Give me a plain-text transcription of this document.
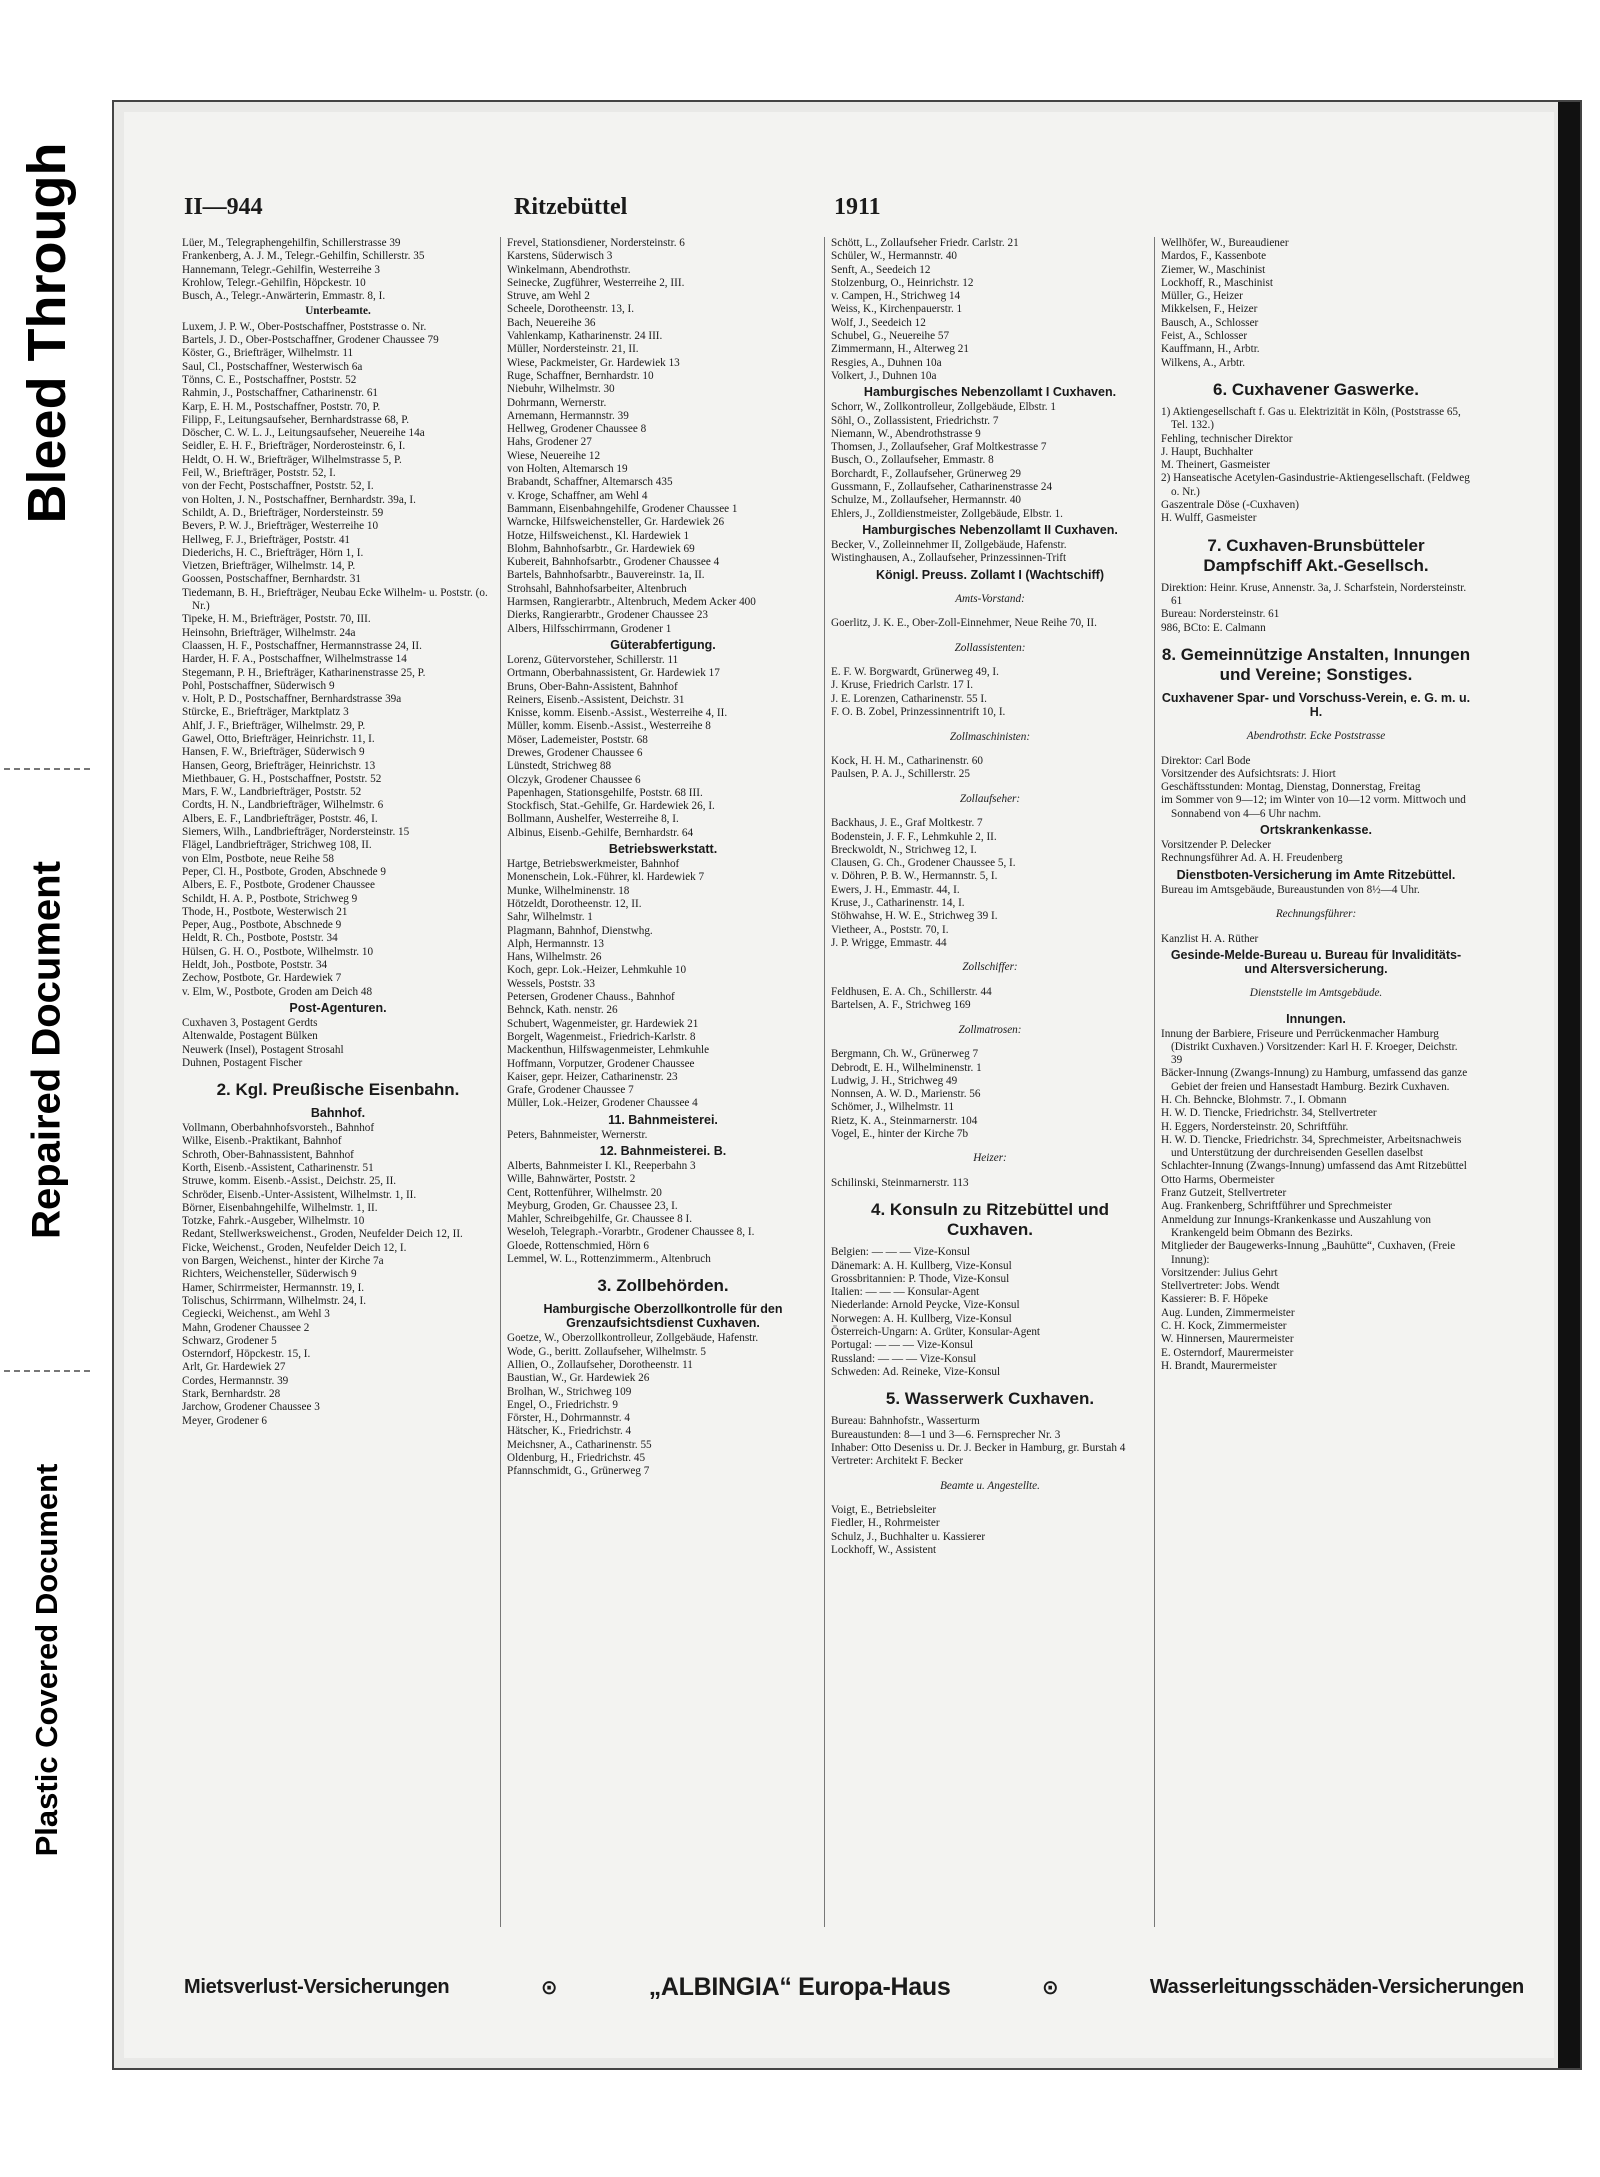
Bleed Through
Repaired Document
Plastic Covered Document
II—944	Ritzebüttel	1911

Lüer, M., Telegraphengehilfin, Schillerstrasse 39

Frankenberg, A. J. M., Telegr.-Gehilfin, Schillerstr. 35

Hannemann, Telegr.-Gehilfin, Westerreihe 3

Krohlow, Telegr.-Gehilfin, Höpckestr. 10

Busch, A., Telegr.-Anwärterin, Emmastr. 8, I.

Unterbeamte.

Luxem, J. P. W., Ober-Postschaffner, Poststrasse o. Nr.

Bartels, J. D., Ober-Postschaffner, Grodener Chaussee 79

Köster, G., Briefträger, Wilhelmstr. 11

Saul, Cl., Postschaffner, Westerwisch 6a

Tönns, C. E., Postschaffner, Poststr. 52

Rahmin, J., Postschaffner, Catharinenstr. 61

Karp, E. H. M., Postschaffner, Poststr. 70, P.

Filipp, F., Leitungsaufseher, Bernhardstrasse 68, P.

Döscher, C. W. L. J., Leitungsaufseher, Neuereihe 14a

Seidler, E. H. F., Briefträger, Norderosteinstr. 6, I.

Heldt, O. H. W., Briefträger, Wilhelmstrasse 5, P.

Feil, W., Briefträger, Poststr. 52, I.

von der Fecht, Postschaffner, Poststr. 52, I.

von Holten, J. N., Postschaffner, Bernhardstr. 39a, I.

Schildt, A. D., Briefträger, Nordersteinstr. 59

Bevers, P. W. J., Briefträger, Westerreihe 10

Hellweg, F. J., Briefträger, Poststr. 41

Diederichs, H. C., Briefträger, Hörn 1, I.

Vietzen, Briefträger, Wilhelmstr. 14, P.

Goossen, Postschaffner, Bernhardstr. 31

Tiedemann, B. H., Briefträger, Neubau Ecke Wilhelm- u. Poststr. (o. Nr.)

Tipeke, H. M., Briefträger, Poststr. 70, III.

Heinsohn, Briefträger, Wilhelmstr. 24a

Claassen, H. F., Postschaffner, Hermannstrasse 24, II.

Harder, H. F. A., Postschaffner, Wilhelmstrasse 14

Stegemann, P. H., Briefträger, Katharinenstrasse 25, P.

Pohl, Postschaffner, Süderwisch 9

v. Holt, P. D., Postschaffner, Bernhardstrasse 39a

Stürcke, E., Briefträger, Marktplatz 3

Ahlf, J. F., Briefträger, Wilhelmstr. 29, P.

Gawel, Otto, Briefträger, Heinrichstr. 11, I.

Hansen, F. W., Briefträger, Süderwisch 9

Hansen, Georg, Briefträger, Heinrichstr. 13

Miethbauer, G. H., Postschaffner, Poststr. 52

Mars, F. W., Landbriefträger, Poststr. 52

Cordts, H. N., Landbriefträger, Wilhelmstr. 6

Albers, E. F., Landbriefträger, Poststr. 46, I.

Siemers, Wilh., Landbriefträger, Nordersteinstr. 15

Flägel, Landbriefträger, Strichweg 108, II.

von Elm, Postbote, neue Reihe 58

Peper, Cl. H., Postbote, Groden, Abschnede 9

Albers, E. F., Postbote, Grodener Chaussee

Schildt, H. A. P., Postbote, Strichweg 9

Thode, H., Postbote, Westerwisch 21

Peper, Aug., Postbote, Abschnede 9

Heldt, R. Ch., Postbote, Poststr. 34

Hülsen, G. H. O., Postbote, Wilhelmstr. 10

Heldt, Joh., Postbote, Poststr. 34

Zechow, Postbote, Gr. Hardewiek 7

v. Elm, W., Postbote, Groden am Deich 48

Post-Agenturen.

Cuxhaven 3, Postagent Gerdts

Altenwalde, Postagent Bülken

Neuwerk (Insel), Postagent Strosahl

Duhnen, Postagent Fischer

2. Kgl. Preußische Eisenbahn.

Bahnhof.

Vollmann, Oberbahnhofsvorsteh., Bahnhof

Wilke, Eisenb.-Praktikant, Bahnhof

Schroth, Ober-Bahnassistent, Bahnhof

Korth, Eisenb.-Assistent, Catharinenstr. 51

Struwe, komm. Eisenb.-Assist., Deichstr. 25, II.

Schröder, Eisenb.-Unter-Assistent, Wilhelmstr. 1, II.

Börner, Eisenbahngehilfe, Wilhelmstr. 1, II.

Totzke, Fahrk.-Ausgeber, Wilhelmstr. 10

Redant, Stellwerksweichenst., Groden, Neufelder Deich 12, II.

Ficke, Weichenst., Groden, Neufelder Deich 12, I.

von Bargen, Weichenst., hinter der Kirche 7a

Richters, Weichensteller, Süderwisch 9

Hamer, Schirrmeister, Hermannstr. 19, I.

Tolischus, Schirrmann, Wilhelmstr. 24, I.

Cegiecki, Weichenst., am Wehl 3

Mahn, Grodener Chaussee 2

Schwarz, Grodener 5

Osterndorf, Höpckestr. 15, I.

Arlt, Gr. Hardewiek 27

Cordes, Hermannstr. 39

Stark, Bernhardstr. 28

Jarchow, Grodener Chaussee 3

Meyer, Grodener 6

Frevel, Stationsdiener, Nordersteinstr. 6

Karstens, Süderwisch 3

Winkelmann, Abendrothstr.

Seinecke, Zugführer, Westerreihe 2, III.

Struve, am Wehl 2

Scheele, Dorotheenstr. 13, I.

Bach, Neuereihe 36

Vahlenkamp, Katharinenstr. 24 III.

Müller, Nordersteinstr. 21, II.

Wiese, Packmeister, Gr. Hardewiek 13

Ruge, Schaffner, Bernhardstr. 10

Niebuhr, Wilhelmstr. 30

Dohrmann, Wernerstr.

Arnemann, Hermannstr. 39

Hellweg, Grodener Chaussee 8

Hahs, Grodener 27

Wiese, Neuereihe 12

von Holten, Altemarsch 19

Brabandt, Schaffner, Altemarsch 435

v. Kroge, Schaffner, am Wehl 4

Bammann, Eisenbahngehilfe, Grodener Chaussee 1

Warncke, Hilfsweichensteller, Gr. Hardewiek 26

Hotze, Hilfsweichenst., Kl. Hardewiek 1

Blohm, Bahnhofsarbtr., Gr. Hardewiek 69

Kubereit, Bahnhofsarbtr., Grodener Chaussee 4

Bartels, Bahnhofsarbtr., Bauvereinstr. 1a, II.

Strohsahl, Bahnhofsarbeiter, Altenbruch

Harmsen, Rangierarbtr., Altenbruch, Medem Acker 400

Dierks, Rangierarbtr., Grodener Chaussee 23

Albers, Hilfsschirrmann, Grodener 1

Güterabfertigung.

Lorenz, Gütervorsteher, Schillerstr. 11

Ortmann, Oberbahnassistent, Gr. Hardewiek 17

Bruns, Ober-Bahn-Assistent, Bahnhof

Reiners, Eisenb.-Assistent, Deichstr. 31

Knisse, komm. Eisenb.-Assist., Westerreihe 4, II.

Müller, komm. Eisenb.-Assist., Westerreihe 8

Möser, Lademeister, Poststr. 68

Drewes, Grodener Chaussee 6

Lünstedt, Strichweg 88

Olczyk, Grodener Chaussee 6

Papenhagen, Stationsgehilfe, Poststr. 68 III.

Stockfisch, Stat.-Gehilfe, Gr. Hardewiek 26, I.

Bollmann, Aushelfer, Westerreihe 8, I.

Albinus, Eisenb.-Gehilfe, Bernhardstr. 64

Betriebswerkstatt.

Hartge, Betriebswerkmeister, Bahnhof

Monenschein, Lok.-Führer, kl. Hardewiek 7

Munke, Wilhelminenstr. 18

Hötzeldt, Dorotheenstr. 12, II.

Sahr, Wilhelmstr. 1

Plagmann, Bahnhof, Dienstwhg.

Alph, Hermannstr. 13

Hans, Wilhelmstr. 26

Koch, gepr. Lok.-Heizer, Lehmkuhle 10

Wessels, Poststr. 33

Petersen, Grodener Chauss., Bahnhof

Behnck, Kath. nenstr. 26

Schubert, Wagenmeister, gr. Hardewiek 21

Borgelt, Wagenmeist., Friedrich-Karlstr. 8

Mackenthun, Hilfswagenmeister, Lehmkuhle

Hoffmann, Vorputzer, Grodener Chaussee

Kaiser, gepr. Heizer, Catharinenstr. 23

Grafe, Grodener Chaussee 7

Müller, Lok.-Heizer, Grodener Chaussee 4

11. Bahnmeisterei.

Peters, Bahnmeister, Wernerstr.

12. Bahnmeisterei. B.

Alberts, Bahnmeister I. Kl., Reeperbahn 3

Wille, Bahnwärter, Poststr. 2

Cent, Rottenführer, Wilhelmstr. 20

Meyburg, Groden, Gr. Chaussee 23, I.

Mahler, Schreibgehilfe, Gr. Chaussee 8 I.

Weseloh, Telegraph.-Vorarbtr., Grodener Chaussee 8, I.

Gloede, Rottenschmied, Hörn 6

Lemmel, W. L., Rottenzimmerm., Altenbruch

3. Zollbehörden.

Hamburgische Oberzollkontrolle für den Grenzaufsichtsdienst Cuxhaven.

Goetze, W., Oberzollkontrolleur, Zollgebäude, Hafenstr.

Wode, G., beritt. Zollaufseher, Wilhelmstr. 5

Allien, O., Zollaufseher, Dorotheenstr. 11

Baustian, W., Gr. Hardewiek 26

Brolhan, W., Strichweg 109

Engel, O., Friedrichstr. 9

Förster, H., Dohrmannstr. 4

Hätscher, K., Friedrichstr. 4

Meichsner, A., Catharinenstr. 55

Oldenburg, H., Friedrichstr. 45

Pfannschmidt, G., Grünerweg 7

Schött, L., Zollaufseher Friedr. Carlstr. 21

Schüler, W., Hermannstr. 40

Senft, A., Seedeich 12

Stolzenburg, O., Heinrichstr. 12

v. Campen, H., Strichweg 14

Weiss, K., Kirchenpauerstr. 1

Wolf, J., Seedeich 12

Schubel, G., Neuereihe 57

Zimmermann, H., Alterweg 21

Resgies, A., Duhnen 10a

Volkert, J., Duhnen 10a

Hamburgisches Nebenzollamt I Cuxhaven.

Schorr, W., Zollkontrolleur, Zollgebäude, Elbstr. 1

Söhl, O., Zollassistent, Friedrichstr. 7

Niemann, W., Abendrothstrasse 9

Thomsen, J., Zollaufseher, Graf Moltkestrasse 7

Busch, O., Zollaufseher, Emmastr. 8

Borchardt, F., Zollaufseher, Grünerweg 29

Gussmann, F., Zollaufseher, Catharinenstrasse 24

Schulze, M., Zollaufseher, Hermannstr. 40

Ehlers, J., Zolldienstmeister, Zollgebäude, Elbstr. 1.

Hamburgisches Nebenzollamt II Cuxhaven.

Becker, V., Zolleinnehmer II, Zollgebäude, Hafenstr.

Wistinghausen, A., Zollaufseher, Prinzessinnen-Trift

Königl. Preuss. Zollamt I (Wachtschiff)

Amts-Vorstand:

Goerlitz, J. K. E., Ober-Zoll-Einnehmer, Neue Reihe 70, II.

Zollassistenten:

E. F. W. Borgwardt, Grünerweg 49, I.

J. Kruse, Friedrich Carlstr. 17 I.

J. E. Lorenzen, Catharinenstr. 55 I.

F. O. B. Zobel, Prinzessinnentrift 10, I.

Zollmaschinisten:

Kock, H. H. M., Catharinenstr. 60

Paulsen, P. A. J., Schillerstr. 25

Zollaufseher:

Backhaus, J. E., Graf Moltkestr. 7

Bodenstein, J. F. F., Lehmkuhle 2, II.

Breckwoldt, N., Strichweg 12, I.

Clausen, G. Ch., Grodener Chaussee 5, I.

v. Döhren, P. B. W., Hermannstr. 5, I.

Ewers, J. H., Emmastr. 44, I.

Kruse, J., Catharinenstr. 14, I.

Stöhwahse, H. W. E., Strichweg 39 I.

Vietheer, A., Poststr. 70, I.

J. P. Wrigge, Emmastr. 44

Zollschiffer:

Feldhusen, E. A. Ch., Schillerstr. 44

Bartelsen, A. F., Strichweg 169

Zollmatrosen:

Bergmann, Ch. W., Grünerweg 7

Debrodt, E. H., Wilhelminenstr. 1

Ludwig, J. H., Strichweg 49

Nonnsen, A. W. D., Marienstr. 56

Schömer, J., Wilhelmstr. 11

Rietz, K. A., Steinmarnerstr. 104

Vogel, E., hinter der Kirche 7b

Heizer:

Schilinski, Steinmarnerstr. 113

4. Konsuln zu Ritzebüttel und Cuxhaven.

Belgien: — — — Vize-Konsul

Dänemark: A. H. Kullberg, Vize-Konsul

Grossbritannien: P. Thode, Vize-Konsul

Italien: — — — Konsular-Agent

Niederlande: Arnold Peycke, Vize-Konsul

Norwegen: A. H. Kullberg, Vize-Konsul

Österreich-Ungarn: A. Grüter, Konsular-Agent

Portugal: — — — Vize-Konsul

Russland: — — — Vize-Konsul

Schweden: Ad. Reineke, Vize-Konsul

5. Wasserwerk Cuxhaven.

Bureau: Bahnhofstr., Wasserturm

Bureaustunden: 8—1 und 3—6. Fernsprecher Nr. 3

Inhaber: Otto Deseniss u. Dr. J. Becker in Hamburg, gr. Burstah 4

Vertreter: Architekt F. Becker

Beamte u. Angestellte.

Voigt, E., Betriebsleiter

Fiedler, H., Rohrmeister

Schulz, J., Buchhalter u. Kassierer

Lockhoff, W., Assistent

Wellhöfer, W., Bureaudiener

Mardos, F., Kassenbote

Ziemer, W., Maschinist

Lockhoff, R., Maschinist

Müller, G., Heizer

Mikkelsen, F., Heizer

Bausch, A., Schlosser

Feist, A., Schlosser

Kauffmann, H., Arbtr.

Wilkens, A., Arbtr.

6. Cuxhavener Gaswerke.

1) Aktiengesellschaft f. Gas u. Elektrizität in Köln, (Poststrasse 65, Tel. 132.)

Fehling, technischer Direktor

J. Haupt, Buchhalter

M. Theinert, Gasmeister

2) Hanseatische Acetylen-Gasindustrie-Aktiengesellschaft. (Feldweg o. Nr.)

Gaszentrale Döse (-Cuxhaven)

H. Wulff, Gasmeister

7. Cuxhaven-Brunsbütteler Dampfschiff Akt.-Gesellsch.

Direktion: Heinr. Kruse, Annenstr. 3a, J. Scharfstein, Nordersteinstr. 61

Bureau: Nordersteinstr. 61

986, BCto: E. Calmann

8. Gemeinnützige Anstalten, Innungen und Vereine; Sonstiges.

Cuxhavener Spar- und Vorschuss-Verein, e. G. m. u. H.

Abendrothstr. Ecke Poststrasse

Direktor: Carl Bode

Vorsitzender des Aufsichtsrats: J. Hiort

Geschäftsstunden: Montag, Dienstag, Donnerstag, Freitag

im Sommer von 9—12; im Winter von 10—12 vorm. Mittwoch und Sonnabend von 4—6 Uhr nachm.

Ortskrankenkasse.

Vorsitzender P. Delecker

Rechnungsführer Ad. A. H. Freudenberg

Dienstboten-Versicherung im Amte Ritzebüttel.

Bureau im Amtsgebäude, Bureaustunden von 8½—4 Uhr.

Rechnungsführer:

Kanzlist H. A. Rüther

Gesinde-Melde-Bureau u. Bureau für Invaliditäts- und Altersversicherung.

Dienststelle im Amtsgebäude.

Innungen.

Innung der Barbiere, Friseure und Perrückenmacher Hamburg (Distrikt Cuxhaven.) Vorsitzender: Karl H. F. Kroeger, Deichstr. 39

Bäcker-Innung (Zwangs-Innung) zu Hamburg, umfassend das ganze Gebiet der freien und Hansestadt Hamburg. Bezirk Cuxhaven.

H. Ch. Behncke, Blohmstr. 7., I. Obmann

H. W. D. Tiencke, Friedrichstr. 34, Stellvertreter

H. Eggers, Nordersteinstr. 20, Schriftführ.

H. W. D. Tiencke, Friedrichstr. 34, Sprechmeister, Arbeitsnachweis und Unterstützung der durchreisenden Gesellen daselbst

Schlachter-Innung (Zwangs-Innung) umfassend das Amt Ritzebüttel

Otto Harms, Obermeister

Franz Gutzeit, Stellvertreter

Aug. Frankenberg, Schriftführer und Sprechmeister

Anmeldung zur Innungs-Krankenkasse und Auszahlung von Krankengeld beim Obmann des Bezirks.

Mitglieder der Baugewerks-Innung „Bauhütte“, Cuxhaven, (Freie Innung):

Vorsitzender: Julius Gehrt

Stellvertreter: Jobs. Wendt

Kassierer: B. F. Höpeke

Aug. Lunden, Zimmermeister

C. H. Kock, Zimmermeister

W. Hinnersen, Maurermeister

E. Osterndorf, Maurermeister

H. Brandt, Maurermeister

Mietsverlust-Versicherungen	⊙	„ALBINGIA“ Europa-Haus	⊙	Wasserleitungsschäden-Versicherungen
